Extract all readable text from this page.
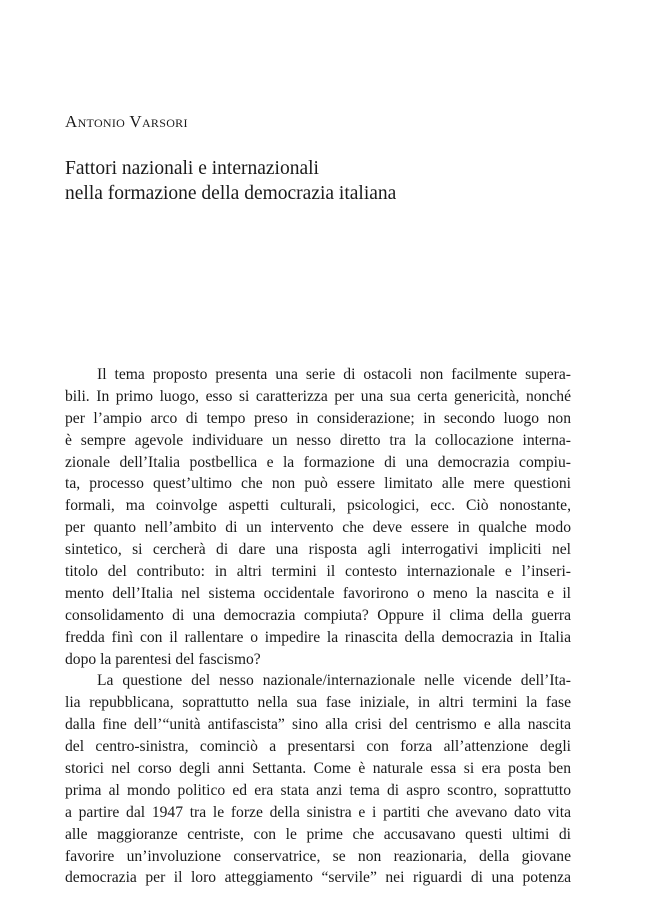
Antonio Varsori
Fattori nazionali e internazionali
nella formazione della democrazia italiana
Il tema proposto presenta una serie di ostacoli non facilmente supera-
bili. In primo luogo, esso si caratterizza per una sua certa genericità, nonché
per l’ampio arco di tempo preso in considerazione; in secondo luogo non
è sempre agevole individuare un nesso diretto tra la collocazione interna-
zionale dell’Italia postbellica e la formazione di una democrazia compiu-
ta, processo quest’ultimo che non può essere limitato alle mere questioni
formali, ma coinvolge aspetti culturali, psicologici, ecc. Ciò nonostante,
per quanto nell’ambito di un intervento che deve essere in qualche modo
sintetico, si cercherà di dare una risposta agli interrogativi impliciti nel
titolo del contributo: in altri termini il contesto internazionale e l’inseri-
mento dell’Italia nel sistema occidentale favorirono o meno la nascita e il
consolidamento di una democrazia compiuta? Oppure il clima della guerra
fredda finì con il rallentare o impedire la rinascita della democrazia in Italia
dopo la parentesi del fascismo?
La questione del nesso nazionale/internazionale nelle vicende dell’Ita-
lia repubblicana, soprattutto nella sua fase iniziale, in altri termini la fase
dalla fine dell’“unità antifascista” sino alla crisi del centrismo e alla nascita
del centro-sinistra, cominciò a presentarsi con forza all’attenzione degli
storici nel corso degli anni Settanta. Come è naturale essa si era posta ben
prima al mondo politico ed era stata anzi tema di aspro scontro, soprattutto
a partire dal 1947 tra le forze della sinistra e i partiti che avevano dato vita
alle maggioranze centriste, con le prime che accusavano questi ultimi di
favorire un’involuzione conservatrice, se non reazionaria, della giovane
democrazia per il loro atteggiamento “servile” nei riguardi di una potenza
